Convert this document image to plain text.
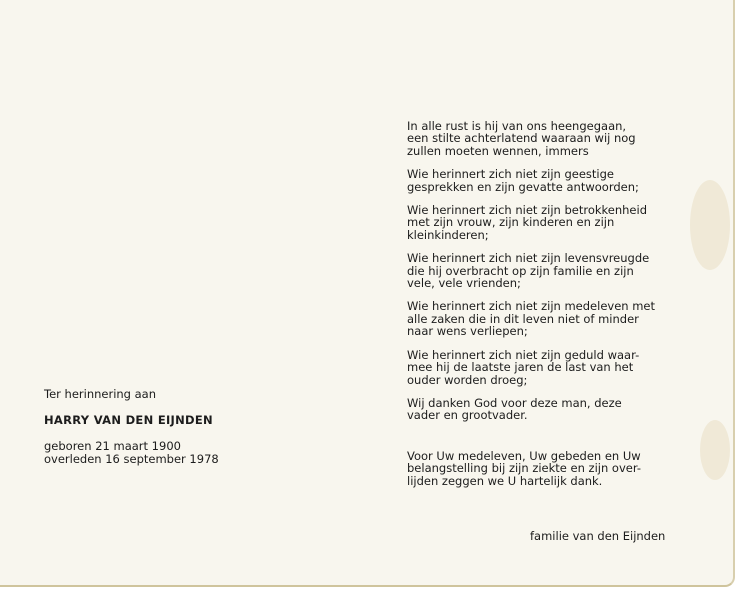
Ter herinnering aan

HARRY VAN DEN EIJNDEN

geboren 21 maart 1900

overleden 16 september 1978

In alle rust is hij van ons heengegaan,
een stilte achterlatend waaraan wij nog
zullen moeten wennen, immers
Wie herinnert zich niet zijn geestige
gesprekken en zijn gevatte antwoorden;
Wie herinnert zich niet zijn betrokkenheid
met zijn vrouw, zijn kinderen en zijn
kleinkinderen;
Wie herinnert zich niet zijn levensvreugde
die hij overbracht op zijn familie en zijn
vele, vele vrienden;
Wie herinnert zich niet zijn medeleven met
alle zaken die in dit leven niet of minder
naar wens verliepen;
Wie herinnert zich niet zijn geduld waar-
mee hij de laatste jaren de last van het
ouder worden droeg;
Wij danken God voor deze man, deze
vader en grootvader.
Voor Uw medeleven, Uw gebeden en Uw
belangstelling bij zijn ziekte en zijn over-
lijden zeggen we U hartelijk dank.
familie van den Eijnden
